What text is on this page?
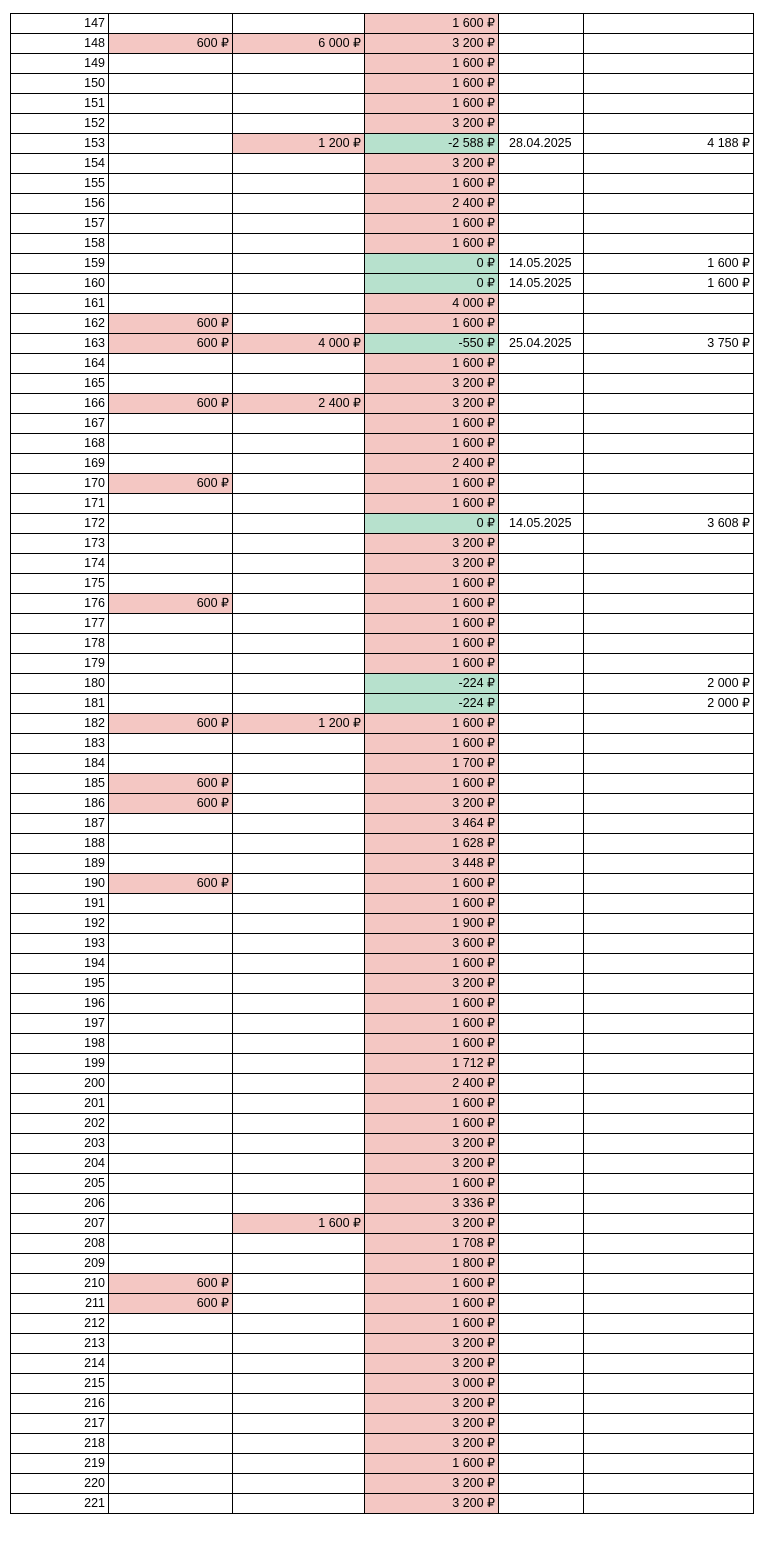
147			1 600 ₽		
148	600 ₽	6 000 ₽	3 200 ₽		
149			1 600 ₽		
150			1 600 ₽		
151			1 600 ₽		
152			3 200 ₽		
153		1 200 ₽	-2 588 ₽	28.04.2025	4 188 ₽
154			3 200 ₽		
155			1 600 ₽		
156			2 400 ₽		
157			1 600 ₽		
158			1 600 ₽		
159			0 ₽	14.05.2025	1 600 ₽
160			0 ₽	14.05.2025	1 600 ₽
161			4 000 ₽		
162	600 ₽		1 600 ₽		
163	600 ₽	4 000 ₽	-550 ₽	25.04.2025	3 750 ₽
164			1 600 ₽		
165			3 200 ₽		
166	600 ₽	2 400 ₽	3 200 ₽		
167			1 600 ₽		
168			1 600 ₽		
169			2 400 ₽		
170	600 ₽		1 600 ₽		
171			1 600 ₽		
172			0 ₽	14.05.2025	3 608 ₽
173			3 200 ₽		
174			3 200 ₽		
175			1 600 ₽		
176	600 ₽		1 600 ₽		
177			1 600 ₽		
178			1 600 ₽		
179			1 600 ₽		
180			-224 ₽		2 000 ₽
181			-224 ₽		2 000 ₽
182	600 ₽	1 200 ₽	1 600 ₽		
183			1 600 ₽		
184			1 700 ₽		
185	600 ₽		1 600 ₽		
186	600 ₽		3 200 ₽		
187			3 464 ₽		
188			1 628 ₽		
189			3 448 ₽		
190	600 ₽		1 600 ₽		
191			1 600 ₽		
192			1 900 ₽		
193			3 600 ₽		
194			1 600 ₽		
195			3 200 ₽		
196			1 600 ₽		
197			1 600 ₽		
198			1 600 ₽		
199			1 712 ₽		
200			2 400 ₽		
201			1 600 ₽		
202			1 600 ₽		
203			3 200 ₽		
204			3 200 ₽		
205			1 600 ₽		
206			3 336 ₽		
207		1 600 ₽	3 200 ₽		
208			1 708 ₽		
209			1 800 ₽		
210	600 ₽		1 600 ₽		
211	600 ₽		1 600 ₽		
212			1 600 ₽		
213			3 200 ₽		
214			3 200 ₽		
215			3 000 ₽		
216			3 200 ₽		
217			3 200 ₽		
218			3 200 ₽		
219			1 600 ₽		
220			3 200 ₽		
221			3 200 ₽		
